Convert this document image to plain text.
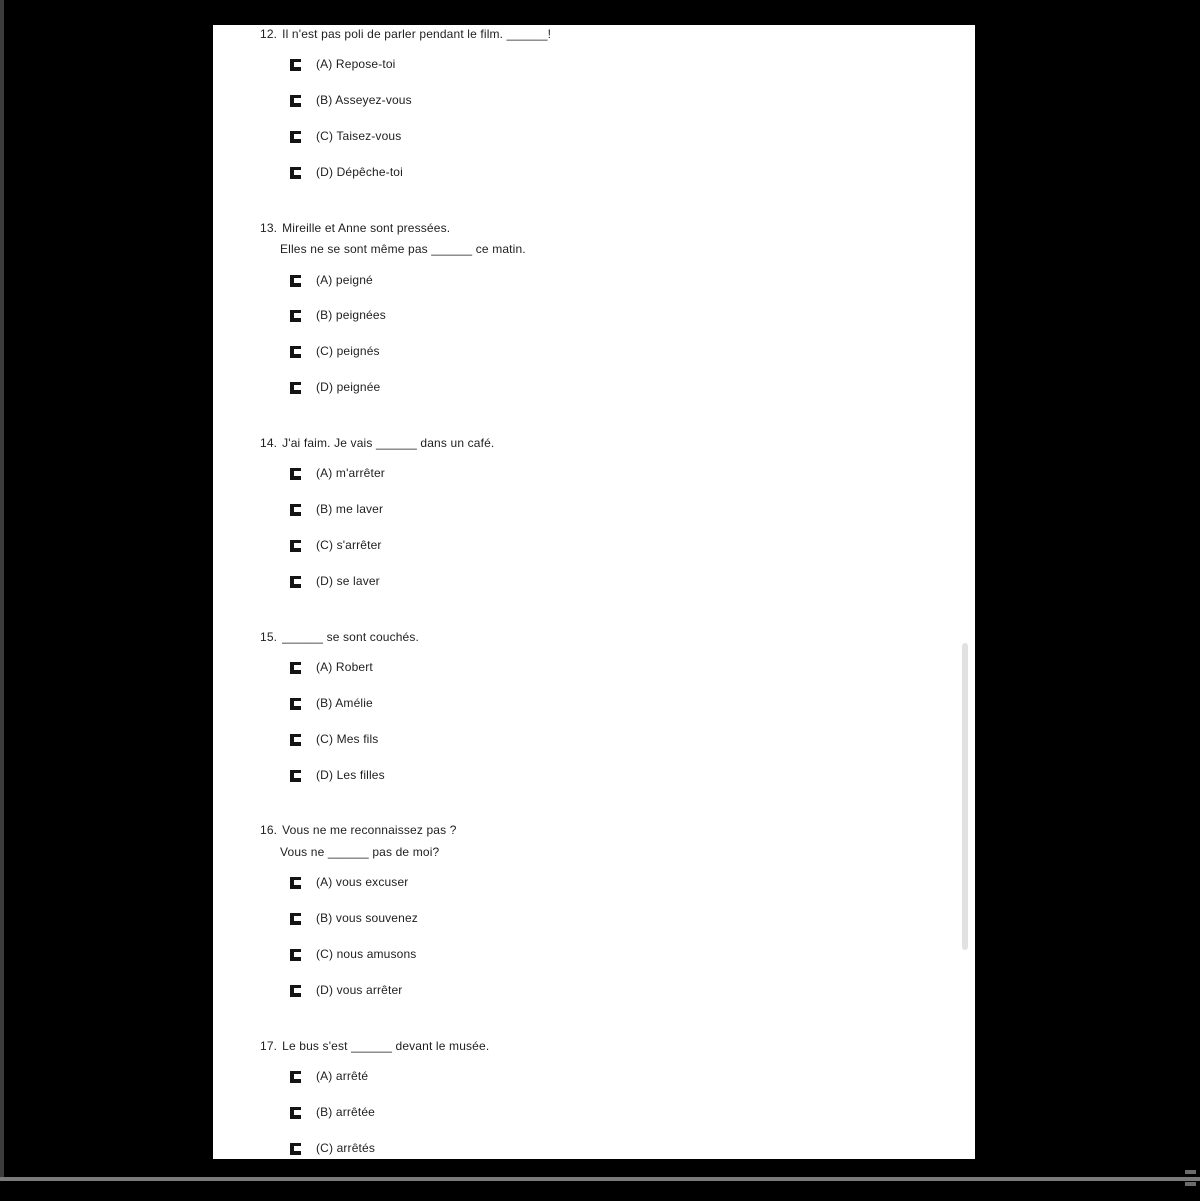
12. Il n'est pas poli de parler pendant le film. ______!
(A) Repose-toi
(B) Asseyez-vous
(C) Taisez-vous
(D) Dépêche-toi
13. Mireille et Anne sont pressées.
Elles ne se sont même pas ______ ce matin.
(A) peigné
(B) peignées
(C) peignés
(D) peignée
14. J'ai faim. Je vais ______ dans un café.
(A) m'arrêter
(B) me laver
(C) s'arrêter
(D) se laver
15. ______ se sont couchés.
(A) Robert
(B) Amélie
(C) Mes fils
(D) Les filles
16. Vous ne me reconnaissez pas ?
Vous ne ______ pas de moi?
(A) vous excuser
(B) vous souvenez
(C) nous amusons
(D) vous arrêter
17. Le bus s'est ______ devant le musée.
(A) arrêté
(B) arrêtée
(C) arrêtés
